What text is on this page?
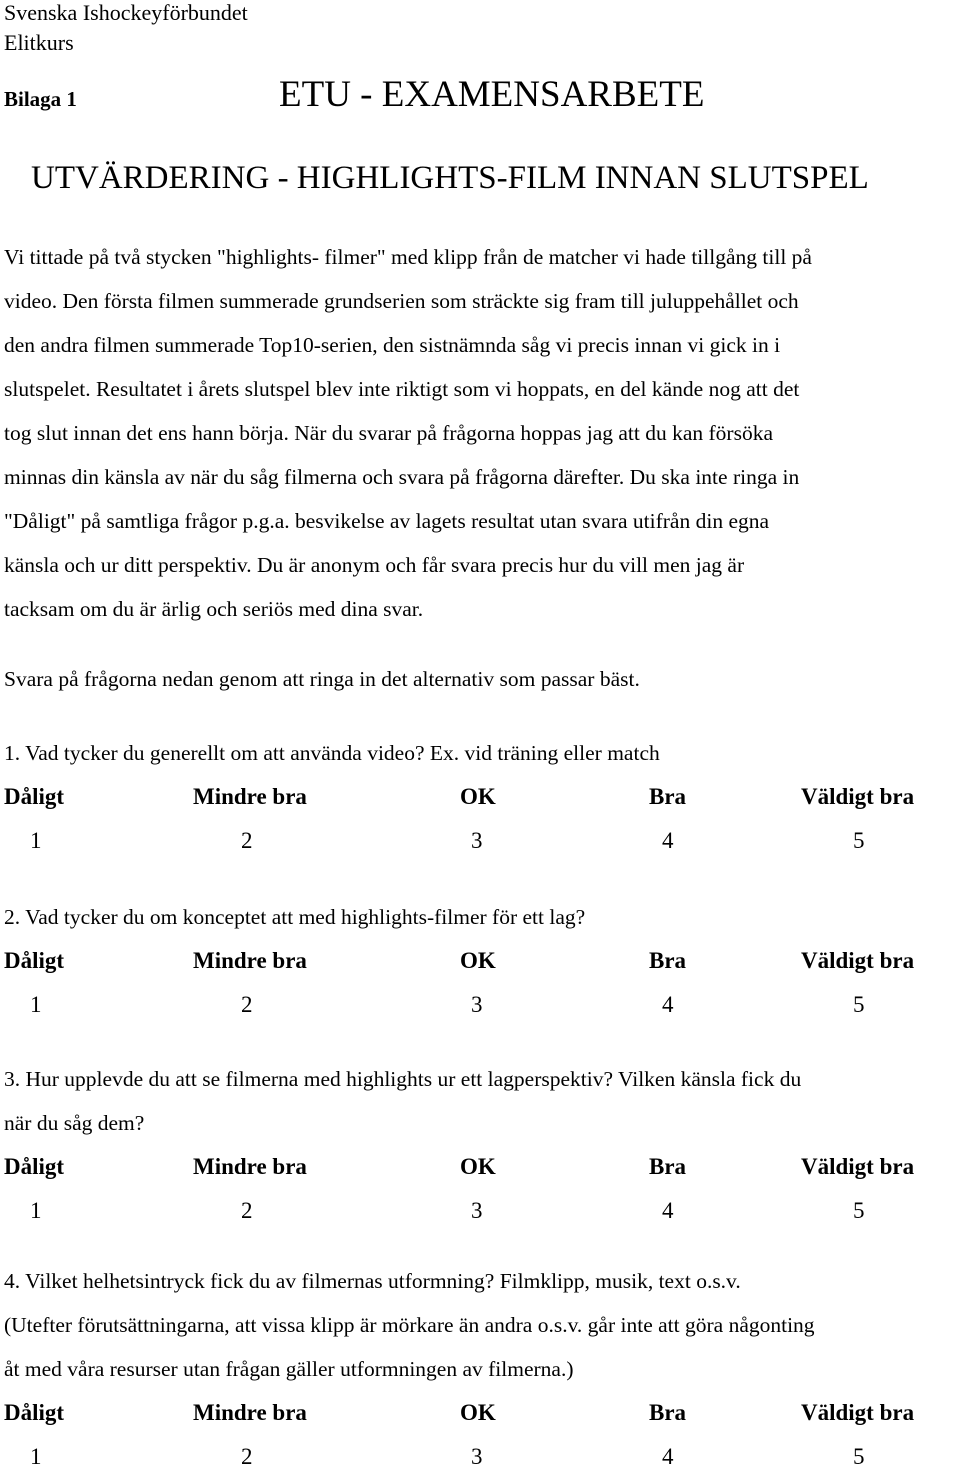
Svenska Ishockeyförbundet
Elitkurs
Bilaga 1	ETU - EXAMENSARBETE
UTVÄRDERING - HIGHLIGHTS-FILM INNAN SLUTSPEL

Vi tittade på två stycken "highlights- filmer" med klipp från de matcher vi hade tillgång till på
video. Den första filmen summerade grundserien som sträckte sig fram till juluppehållet och
den andra filmen summerade Top10-serien, den sistnämnda såg vi precis innan vi gick in i
slutspelet. Resultatet i årets slutspel blev inte riktigt som vi hoppats, en del kände nog att det
tog slut innan det ens hann börja. När du svarar på frågorna hoppas jag att du kan försöka
minnas din känsla av när du såg filmerna och svara på frågorna därefter. Du ska inte ringa in
"Dåligt" på samtliga frågor p.g.a. besvikelse av lagets resultat utan svara utifrån din egna
känsla och ur ditt perspektiv. Du är anonym och får svara precis hur du vill men jag är
tacksam om du är ärlig och seriös med dina svar.

Svara på frågorna nedan genom att ringa in det alternativ som passar bäst.

1. Vad tycker du generellt om att använda video? Ex. vid träning eller match

Dåligt	Mindre bra	OK	Bra	Väldigt bra
1	2	3	4	5

2. Vad tycker du om konceptet att med highlights-filmer för ett lag?

Dåligt	Mindre bra	OK	Bra	Väldigt bra
1	2	3	4	5

3. Hur upplevde du att se filmerna med highlights ur ett lagperspektiv? Vilken känsla fick du
när du såg dem?

Dåligt	Mindre bra	OK	Bra	Väldigt bra
1	2	3	4	5

4. Vilket helhetsintryck fick du av filmernas utformning? Filmklipp, musik, text o.s.v.
(Utefter förutsättningarna, att vissa klipp är mörkare än andra o.s.v. går inte att göra någonting
åt med våra resurser utan frågan gäller utformningen av filmerna.)

Dåligt	Mindre bra	OK	Bra	Väldigt bra
1	2	3	4	5
